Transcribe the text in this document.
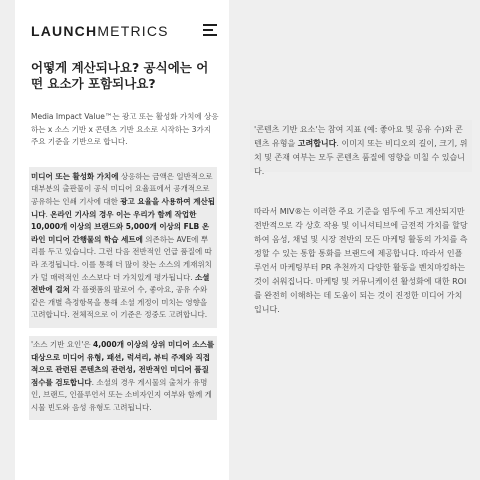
LAUNCHMETRICS
어떻게 계산되나요? 공식에는 어떤 요소가 포함되나요?

Media Impact Value™는 광고 또는 활성화 가치에 상응하는 x 소스 기반 x 콘텐츠 기반 요소로 시작하는 3가지 주요 기준을 기반으로 합니다.

미디어 또는 활성화 가치에 상응하는 금액은 일반적으로 대부분의 출판물이 공식 미디어 요율표에서 공개적으로 공유하는 인쇄 기사에 대한 광고 요율을 사용하여 계산됩니다. 온라인 기사의 경우 이는 우리가 함께 작업한 10,000개 이상의 브랜드와 5,000개 이상의 FLB 온라인 미디어 간행물의 학습 세트에 의존하는 AVE에 뿌리를 두고 있습니다. 그런 다음 전반적인 언급 품질에 따라 조정됩니다. 이를 통해 더 많이 찾는 소스의 게재위치가 덜 매력적인 소스보다 더 가치있게 평가됩니다. 소셜 전반에 걸쳐 각 플랫폼의 팔로어 수, 좋아요, 공유 수와 같은 개별 측정항목을 통해 소셜 게정이 미치는 영향을 고려합니다. 전체적으로 이 기준은 정중도 고려합니다.

'소스 기반 요인'은 4,000개 이상의 상위 미디어 소스를 대상으로 미디어 유형, 패션, 럭셔리, 뷰티 주제와 직접적으로 관련된 콘텐츠의 관련성, 전반적인 미디어 품질 점수를 검토합니다. 소셜의 경우 게시물의 출처가 유명인, 브랜드, 인플루언서 또는 소비자인지 여부와 함께 게시물 빈도와 음성 유형도 고려됩니다.

'콘텐츠 기반 요소'는 참여 지표 (예: 좋아요 및 공유 수)와 콘텐츠 유형을 고려합니다. 이미지 또는 비디오의 길이, 크기, 위치 및 존재 여부는 모두 콘텐츠 품질에 영향을 미칠 수 있습니다.

따라서 MIV®는 이러한 주요 기준을 염두에 두고 계산되지만 전반적으로 각 상호 작용 및 이니셔티브에 금전적 가치를 할당하여 음성, 채널 및 시장 전반의 모든 마케팅 활동의 가치를 측정할 수 있는 통합 통화를 브랜드에 제공합니다. 따라서 인플루언서 마케팅부터 PR 추천까지 다양한 활동을 벤치마킹하는 것이 쉬워집니다. 마케팅 및 커뮤니케이션 활성화에 대한 ROI를 완전히 이해하는 데 도움이 되는 것이 진정한 미디어 가치입니다.
